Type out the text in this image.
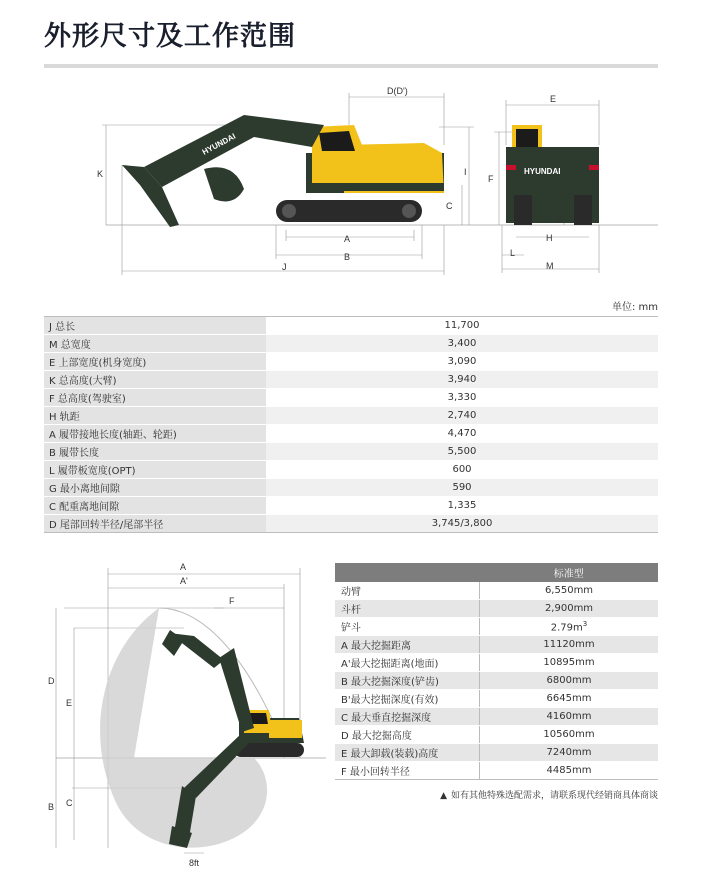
外形尺寸及工作范围
HYUNDAI
HYUNDAI
D(D')
E
K	I
F
C
A
B
J
G
H
L
M
单位: mm
J 总长	11,700
M 总宽度	3,400
E 上部宽度(机身宽度)	3,090
K 总高度(大臂)	3,940
F 总高度(驾驶室)	3,330
H 轨距	2,740
A 履带接地长度(轴距、轮距)	4,470
B 履带长度	5,500
L 履带板宽度(OPT)	600
G 最小离地间隙	590
C 配重离地间隙	1,335
D 尾部回转半径/尾部半径	3,745/3,800
A
A'
F
D
E
B C
8ft
	标准型
动臂	6,550mm
斗杆	2,900mm
铲斗	$2.79m^3$
A 最大挖掘距离	11120mm
A'最大挖掘距离(地面)	10895mm
B 最大挖掘深度(铲齿)	6800mm
B'最大挖掘深度(有效)	6645mm
C 最大垂直挖掘深度	4160mm
D 最大挖掘高度	10560mm
E 最大卸载(装载)高度	7240mm
F 最小回转半径	4485mm
▲ 如有其他特殊选配需求，请联系现代经销商具体商谈
